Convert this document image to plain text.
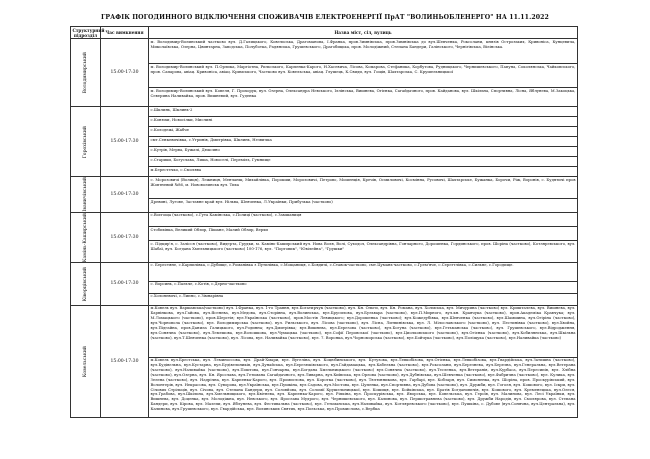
ГРАФІК ПОГОДИННОГО ВІДКЛЮЧЕННЯ СПОЖИВАЧІВ ЕЛЕКТРОЕНЕРГІЇ ПрАТ "ВОЛИНЬОБЛЕНЕРГО" НА 11.11.2022
Структурний підрозділ	Час вимкнення	Назва міст, сіл, вулиць

Володимирський	15:00-17:30	м. Володимир-Волинський частково вул. Д.Галицького, Ковельська, Драгоманова, І.Франка, пров.Зимнівська, пров.Зимнівська до вул.Шевченка, Роксолани, князів Острозьких, Кривоніса, Кунцевича, Миколаївська, Озерна, Цвинтарна, Заводська, Полуботка, Радянська, Грушевського, Драгобицька, пров. Молодіжний, Степана Бандери, Галінського, Чернігівська, Вілінська.
		м. Володимир-Волинський вул. П.Орлика, Маргіотна, Рильського, Карпенка-Карого, Н.Хасевича, Лісова, Комарова, Стефаника, Корбутова, Рудницького, Чернишевського, Папуна, Соколянська, Чайковського, пров. Сапарова, авіац. Кривоніса, авіац. Кримського, Частково вул. Ковельська, авіац. Глушець, К.Свиди, вул. Гощів, Шахтарська, С. Крушельницької
		м. Володимир-Волинський вул. Ковеля, Г. Прохорук, вул. Озерна, Олександра Невського, Іллінська, Вишнева, Огієнка, Сагайдачного, пров. Кайданова, вул. Шкільна, Спортивна, Лісна, Яблунева, М.Закоцька, Северина Наливайка, пров. Вишневий, вул. Гуденка

Горохівський	15:00-17:30	с.Шклинь, Шклинь-2
		с.Конюхи, Новосілки, Мислині
		с.Колодежі, Жабче
		смт.Сенкевичівка, с.Угринів, Дмитрівка, Шклинь, Незвичка
		с.Кутрів, Мерва, Бужачі, Дюксино
		с.Старики, Богуслава, Лиша, Новоселі, Переміль, Гумнище
		м.Берестечко, с.Смолява

Іваничівський	15:00-17:30	с. Морозовичі (Волиця), Лежниця, Менчанщ, Михайлівка, Порокши, Морозовичі, Петрово, Мошенція, Кречів, Осмиловичі, Космінна, Русовичі, Шахтарське, Бужанка, Борочи, Ріж, Воронів, с. Будятичі пров Жовтневий №86, м. Нововолинськ вул. Тиха
		Древині, Лугове, Заставне край вул. Нільва, Шевченка, Л.Українки, Прибузька (частково)

Камінь-Каширський	15:00-17:30	с.Воєгоща (частково), с.Гута Камінська, с.Полиці (частково), с.Замшаниця
		Стобихівка, Великий Обзир, Пішане, Малий Обзир, Верхи
		с. Підцир'я, с. Залісся (частково), Видерта, Грудки, м. Камінь-Каширський вул. Нова Воля, Волі, Суходол, Олександрівна, Гончарного, Дорошенка, Гординського, пров. Шоріна (частково), Котляревського, вул. Шабаї, вул. Богдана Хмельницького (частково) 100-176, вул. "Портовик", "Ювілейна", "Грушки"

Ківерцівський	15:00-17:30	с. Берестяне, с.Карпилівка, с.Дубище, с.Романівка з Путилівка, с.Мощаниця, с.Бовдичі, с.Ставок-частково, смт.Цумань-частково, с.Грем'яче, с.Серегтлівка, с.Сильне, с.Городище.
		с. Ворсинь, с.Пальче, с.Котів, с.Дерно-частково
		с.Холоневичі, с.Липно, с.Зімнарівна

Ковельський	15:00-17:30	м.Ковель вул. Варшавська(частково) вул. І.Франка, вул. 1-го Травня, вул.Богатирчук (частково), вул. Кн. Ольги, вул. Кн. Романа, вул. Холмська, вул. Мичурина (частково) вул. Кришталева, вул. Вишнева, вул. Барвінкова, вул.Гайова, вул.Ясенева, вул.Медова, вул.Сторівна, вул.Волинська, вул.Брусилова, вул.Бульвара (частково), вул.П.Мирного, вул.кн. Кравчука (частково), пров.Академіка Кравчука; вул. М.Ломацького (частково), пров.Шерстів; вул.Українська (частково), пров.Мостів Левицького; вул.Дорошенка (частково); вул.Кожедубівка, вул.Шевченка (частково), вул.Шамшина, вул.Огіріна (частково), вул.Чорновола (частково), вул. Володимирська (частково), вул. Рильського, вул. Лісова (частково), вул. Лісна, Литвинівська, вул. Л. Мілославського (частково), вул. Пестинівка (частково), вул.Хвойна, вул.Підгайна, пров.Данила Галицького, вул.Родинна; вул.Дмитрівка; вул.Вишнева, вул.Березова (частково), вул.Богуна (частково), вул.Гетьманська (частково), вул. Грушевського, вул.Відродження, вул.Сонячна (частково), вул.Лемешова, вул.Волошкова, вул.Чумацька (частково), вул.Софії Перовської (частково), вул.Циолковського (частково), вул.Огієнка (частково), вул.Кобилянська, вул.Шкільна (частково), вул.Т.Шевченка (частково), вул. Лісова, вул. Наливайка (частково), вул. 7. Воронка, вул.Чорноморська (частково), вул.Бойчука (частково), вул.Поліщука (частково), вул.Наливайка (частково)
		м.Ковель вул.Брестська, вул. Леминоссова, вул. Драй-Хмари, вул. Вугеліна, вул. Коцюбинського, вул. Кутузова, вул.Левкобізова, вул.Огієнка, вул.Левкобізова, вул.Гвардійська, вул.Затишна (частково), вул.Будівельна, вул.Кустарна, вул.Будівельників, вул.Дунайська, вул.Березюківського, вул.Гайдамацька, вул.Кабельна (частково), вул.Роксолани, вул.Березнева, вул.Березна, вул.Генеральна, вул.Ветерана (частково), вул.Наливайка (частково), вул.Поштова, вул.Гончарна, вул.Богдана Хмельницького (частково) вул.Сонячна (частково), вул.Тесленка, вул.Ветеранів, вул.Курбаса, вул.Пересипів, вул. Хлібна (частково), вул.Озерна, вул. Кн. Ярослава, вул.Гетьмана Сагайдачного, вул.Ливарна, вул.Київська, вул.Орлова (частково), вул.Дубнівська, вул.Шевченка (частково), вул.Фабрична (частково), вул. Кулика, вул. Зелена (частково), вул. Надрічна, вул. Карпенка-Карого, вул. Промислова, вул. Коротка (частково), вул. Тютюнникова, вул. Гарбарі, вул. Кобзаря, вул. Симоненка, вул. Шоріна, пров. Проскурівський, вул. Волонтерів, вул. Некрасова, вул. Суворова, вул.Українська, вул.Пушкіна, вул.Садова, вул.Мостова, вул. Цупенка, вул.Спортивна, вул.Дубова (частково), вул. Дружби, вул. Гоголя, вул. Кошового, вул. Іскри, вул. Січових Стрільців, вул. Січова, вул. Степана Бандери, вул. Соловйова, вул. Соломії Крушельницької, вул. Кошиця, вул. Бойківська, вул. Братів Богдановичів, вул. Кошового, вул. Кременецька, вул.Олеся, вул.Грабова, вул.Шкільна, вул.Хмельницького, вул.Квітнева, вул. Карпенка-Карого, вул. Ріпкіна, вул. Проскурівська, вул. Яворська, вул. Ковельська, вул. Героїв, вул. Малинова, вул. Лесі Українки, вул. Вишнева, вул. Доценка, вул. Молодіжна, вул. Невського, вул. Ярослава Мудрого, вул. Чернишевського, вул. Калинова, вул. Першотравнева (частково), вул. Дружби Народів, вул. Смолярова, вул. Степана Бандери, вул. Кірова, вул. Мазепи, вул. Яблунева, вул. Фестивальна (частково), вул. Гетьманська, вул.Наливайка, вул. Котляревського (частково), вул. Пушкіна, с. Дубове (вул.Сонячна, вул.Центральна), вул. Калинова, вул.Грушевського, вул. Гвардійська, вул. Волинських Святих, вул.Польська, вул.Промислова, с.Вербка
